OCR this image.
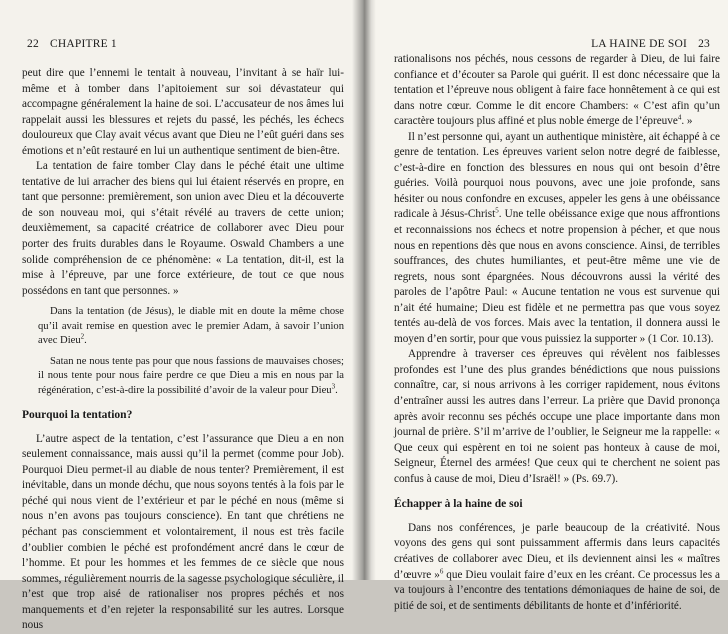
22 CHAPITRE 1

peut dire que l’ennemi le tentait à nouveau, l’invitant à se haïr lui-même et à tomber dans l’apitoiement sur soi dévastateur qui accompagne généralement la haine de soi. L’accusateur de nos âmes lui rappelait aussi les blessures et rejets du passé, les péchés, les échecs douloureux que Clay avait vécus avant que Dieu ne l’eût guéri dans ses émotions et n’eût restauré en lui un authentique sentiment de bien-être.

La tentation de faire tomber Clay dans le péché était une ultime tentative de lui arracher des biens qui lui étaient réservés en propre, en tant que personne: premièrement, son union avec Dieu et la découverte de son nouveau moi, qui s’était révélé au travers de cette union; deuxièmement, sa capacité créatrice de collaborer avec Dieu pour porter des fruits durables dans le Royaume. Oswald Chambers a une solide compréhension de ce phénomène: « La tentation, dit-il, est la mise à l’épreuve, par une force extérieure, de tout ce que nous possédons en tant que personnes. »

Dans la tentation (de Jésus), le diable mit en doute la même chose qu’il avait remise en question avec le premier Adam, à savoir l’union avec Dieu$^2$.

Satan ne nous tente pas pour que nous fassions de mauvaises choses; il nous tente pour nous faire perdre ce que Dieu a mis en nous par la régénération, c’est-à-dire la possibilité d’avoir de la valeur pour Dieu$^3$.

Pourquoi la tentation?

L’autre aspect de la tentation, c’est l’assurance que Dieu a en non seulement connaissance, mais aussi qu’il la permet (comme pour Job). Pourquoi Dieu permet-il au diable de nous tenter? Premièrement, il est inévitable, dans un monde déchu, que nous soyons tentés à la fois par le péché qui nous vient de l’extérieur et par le péché en nous (même si nous n’en avons pas toujours conscience). En tant que chrétiens ne péchant pas consciemment et volontairement, il nous est très facile d’oublier combien le péché est profondément ancré dans le cœur de l’homme. Et pour les hommes et les femmes de ce siècle que nous sommes, régulièrement nourris de la sagesse psychologique séculière, il n’est que trop aisé de rationaliser nos propres péchés et nos manquements et d’en rejeter la responsabilité sur les autres. Lorsque nous

LA HAINE DE SOI 23

rationalisons nos péchés, nous cessons de regarder à Dieu, de lui faire confiance et d’écouter sa Parole qui guérit. Il est donc nécessaire que la tentation et l’épreuve nous obligent à faire face honnêtement à ce qui est dans notre cœur. Comme le dit encore Chambers: « C’est afin qu’un caractère toujours plus affiné et plus noble émerge de l’épreuve$^4$. »

Il n’est personne qui, ayant un authentique ministère, ait échappé à ce genre de tentation. Les épreuves varient selon notre degré de faiblesse, c’est-à-dire en fonction des blessures en nous qui ont besoin d’être guéries. Voilà pourquoi nous pouvons, avec une joie profonde, sans hésiter ou nous confondre en excuses, appeler les gens à une obéissance radicale à Jésus-Christ$^5$. Une telle obéissance exige que nous affrontions et reconnaissions nos échecs et notre propension à pécher, et que nous nous en repentions dès que nous en avons conscience. Ainsi, de terribles souffrances, des chutes humiliantes, et peut-être même une vie de regrets, nous sont épargnées. Nous découvrons aussi la vérité des paroles de l’apôtre Paul: « Aucune tentation ne vous est survenue qui n’ait été humaine; Dieu est fidèle et ne permettra pas que vous soyez tentés au-delà de vos forces. Mais avec la tentation, il donnera aussi le moyen d’en sortir, pour que vous puissiez la supporter » (1 Cor. 10.13).

Apprendre à traverser ces épreuves qui révèlent nos faiblesses profondes est l’une des plus grandes bénédictions que nous puissions connaître, car, si nous arrivons à les corriger rapidement, nous évitons d’entraîner aussi les autres dans l’erreur. La prière que David prononça après avoir reconnu ses péchés occupe une place importante dans mon journal de prière. S’il m’arrive de l’oublier, le Seigneur me la rappelle: « Que ceux qui espèrent en toi ne soient pas honteux à cause de moi, Seigneur, Éternel des armées! Que ceux qui te cherchent ne soient pas confus à cause de moi, Dieu d’Israël! » (Ps. 69.7).

Échapper à la haine de soi

Dans nos conférences, je parle beaucoup de la créativité. Nous voyons des gens qui sont puissamment affermis dans leurs capacités créatives de collaborer avec Dieu, et ils deviennent ainsi les « maîtres d’œuvre »$^6$ que Dieu voulait faire d’eux en les créant. Ce processus les a va toujours à l’encontre des tentations démoniaques de haine de soi, de pitié de soi, et de sentiments débilitants de honte et d’infériorité.
